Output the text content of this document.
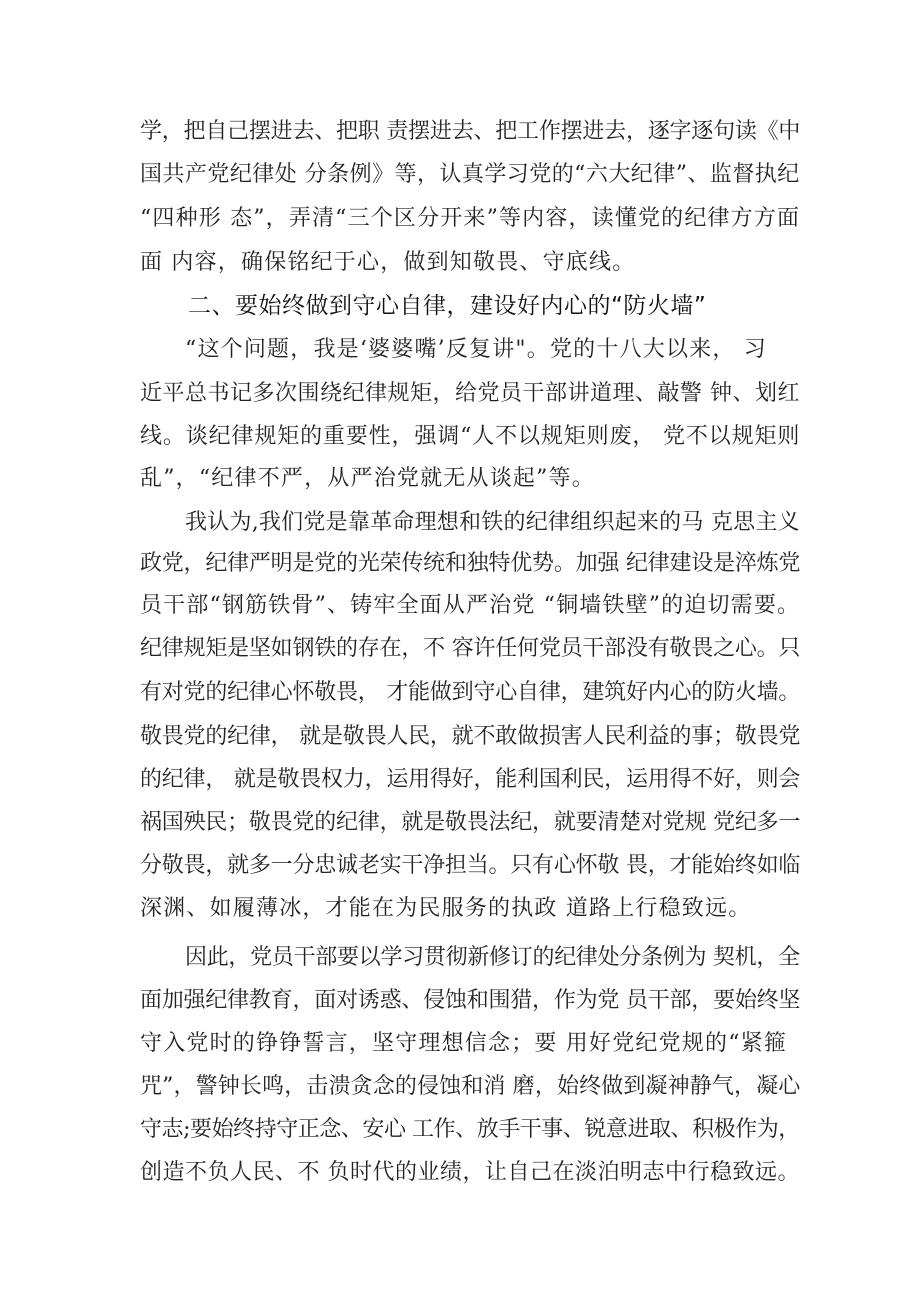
学，把自己摆进去、把职 责摆进去、把工作摆进去，逐字逐句读《中
国共产党纪律处 分条例》等，认真学习党的“六大纪律”、监督执纪
“四种形 态”，弄清“三个区分开来”等内容，读懂党的纪律方方面
面 内容，确保铭纪于心，做到知敬畏、守底线。
二、要始终做到守心自律，建设好内心的“防火墙”
“这个问题，我是‘婆婆嘴’反复讲"。党的十八大以来， 习
近平总书记多次围绕纪律规矩，给党员干部讲道理、敲警 钟、划红
线。谈纪律规矩的重要性，强调“人不以规矩则废， 党不以规矩则
乱”，“纪律不严，从严治党就无从谈起”等。
我认为,我们党是靠革命理想和铁的纪律组织起来的马 克思主义
政党，纪律严明是党的光荣传统和独特优势。加强 纪律建设是淬炼党
员干部“钢筋铁骨”、铸牢全面从严治党 “铜墙铁壁”的迫切需要。
纪律规矩是坚如钢铁的存在，不 容许任何党员干部没有敬畏之心。只
有对党的纪律心怀敬畏， 才能做到守心自律，建筑好内心的防火墙。
敬畏党的纪律， 就是敬畏人民，就不敢做损害人民利益的事；敬畏党
的纪律， 就是敬畏权力，运用得好，能利国利民，运用得不好，则会
祸国殃民；敬畏党的纪律，就是敬畏法纪，就要清楚对党规 党纪多一
分敬畏，就多一分忠诚老实干净担当。只有心怀敬 畏，才能始终如临
深渊、如履薄冰，才能在为民服务的执政 道路上行稳致远。
因此，党员干部要以学习贯彻新修订的纪律处分条例为 契机，全
面加强纪律教育，面对诱惑、侵蚀和围猎，作为党 员干部，要始终坚
守入党时的铮铮誓言，坚守理想信念；要 用好党纪党规的“紧箍
咒”，警钟长鸣，击溃贪念的侵蚀和消 磨，始终做到凝神静气，凝心
守志;要始终持守正念、安心 工作、放手干事、锐意进取、积极作为，
创造不负人民、不 负时代的业绩，让自己在淡泊明志中行稳致远。
